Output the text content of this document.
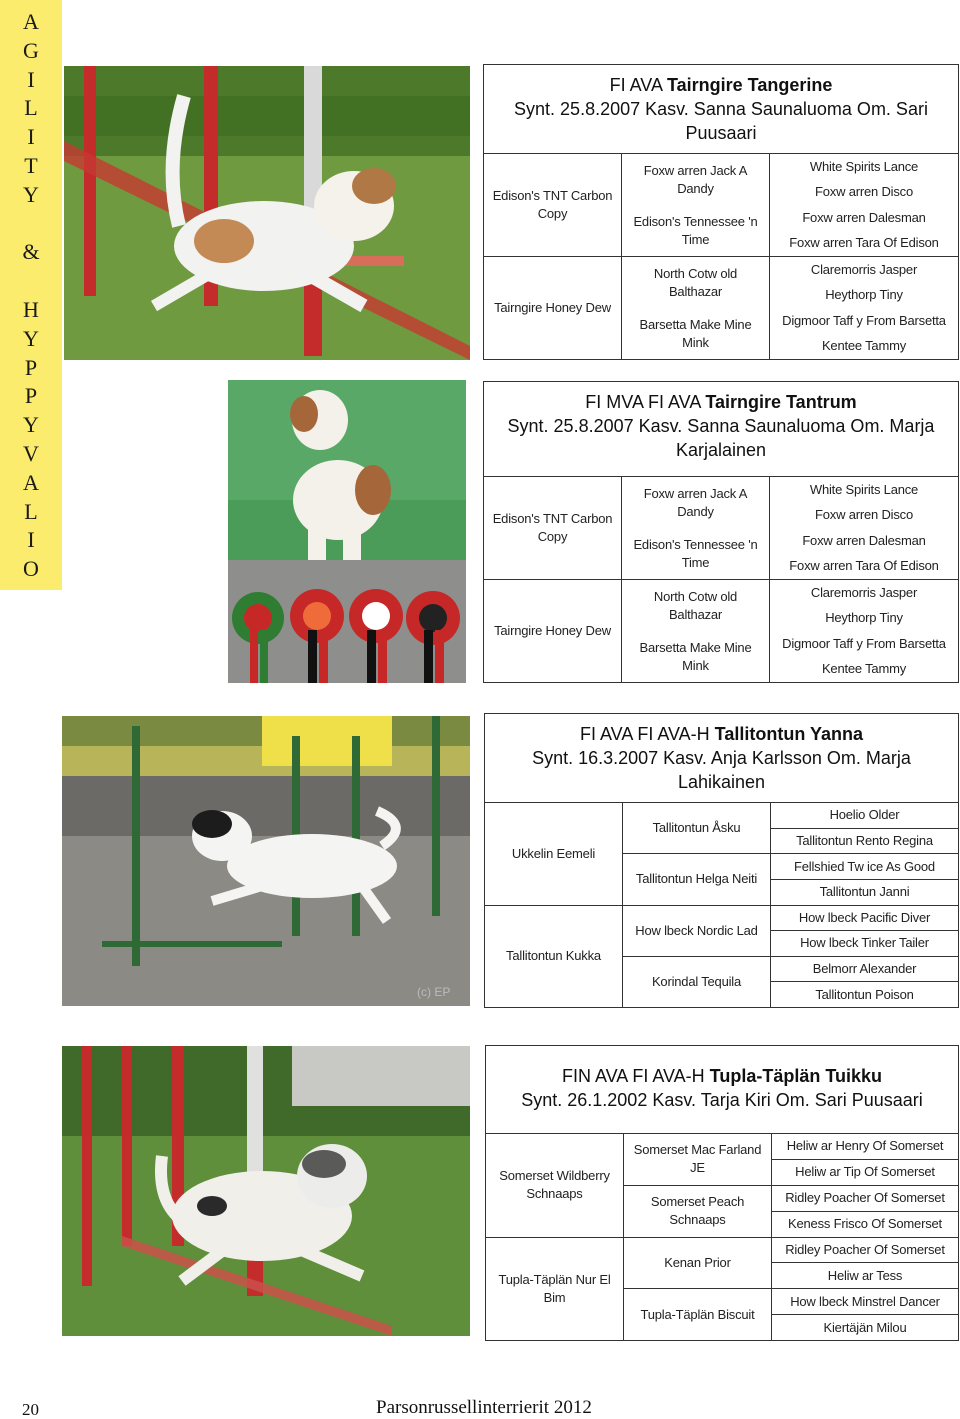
A
G
I
L
I
T
Y
&
H
Y
P
P
Y
V
A
L
I
O
FI AVA Tairngire Tangerine
Synt. 25.8.2007 Kasv. Sanna Saunaluoma Om. Sari Puusaari
Edison's TNT Carbon Copy
Tairngire Honey Dew
Foxw arren Jack A Dandy
Edison's Tennessee 'n Time
North Cotw old Balthazar
Barsetta Make Mine Mink
White Spirits Lance
Foxw arren Disco
Foxw arren Dalesman
Foxw arren Tara Of Edison
Claremorris Jasper
Heythorp Tiny
Digmoor Taff y From Barsetta
Kentee Tammy
FI MVA FI AVA Tairngire Tantrum
Synt. 25.8.2007 Kasv. Sanna Saunaluoma Om. Marja Karjalainen
Edison's TNT Carbon Copy
Tairngire Honey Dew
Foxw arren Jack A Dandy
Edison's Tennessee 'n Time
North Cotw old Balthazar
Barsetta Make Mine Mink
White Spirits Lance
Foxw arren Disco
Foxw arren Dalesman
Foxw arren Tara Of Edison
Claremorris Jasper
Heythorp Tiny
Digmoor Taff y From Barsetta
Kentee Tammy
(c) EP
FI AVA FI AVA-H Tallitontun Yanna
Synt. 16.3.2007 Kasv. Anja Karlsson Om. Marja Lahikainen
Ukkelin Eemeli
Tallitontun Kukka
Tallitontun Åsku
Tallitontun Helga Neiti
How lbeck Nordic Lad
Korindal Tequila
Hoelio Older
Tallitontun Rento Regina
Fellshied Tw ice As Good
Tallitontun Janni
How lbeck Pacific Diver
How lbeck Tinker Tailer
Belmorr Alexander
Tallitontun Poison
FIN AVA FI AVA-H Tupla-Täplän Tuikku
Synt. 26.1.2002 Kasv. Tarja Kiri Om. Sari Puusaari
Somerset Wildberry Schnaaps
Tupla-Täplän Nur El Bim
Somerset Mac Farland JE
Somerset Peach Schnaaps
Kenan Prior
Tupla-Täplän Biscuit
Heliw ar Henry Of Somerset
Heliw ar Tip Of Somerset
Ridley Poacher Of Somerset
Keness Frisco Of Somerset
Ridley Poacher Of Somerset
Heliw ar Tess
How lbeck Minstrel Dancer
Kiertäjän Milou
20	Parsonrussellinterrierit 2012
